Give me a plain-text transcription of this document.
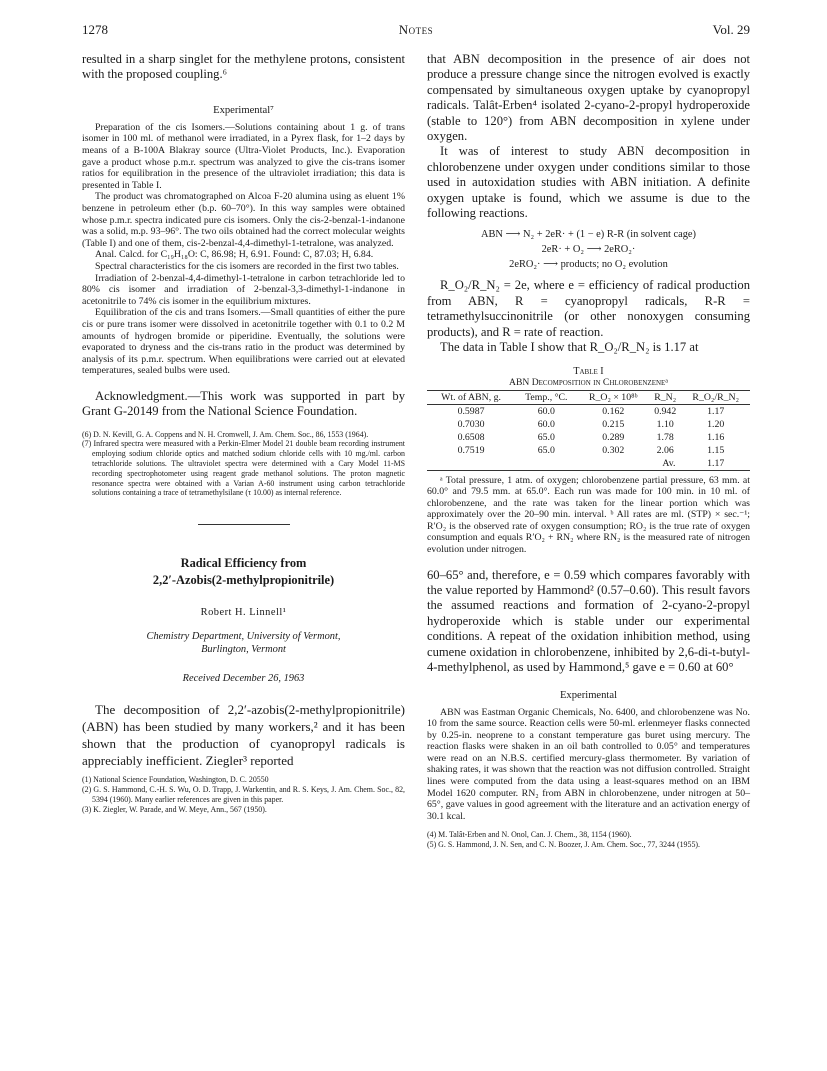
1278	Notes	Vol. 29

resulted in a sharp singlet for the methylene protons, consistent with the proposed coupling.⁶

Experimental⁷

Preparation of the cis Isomers.—Solutions containing about 1 g. of trans isomer in 100 ml. of methanol were irradiated, in a Pyrex flask, for 1–2 days by means of a B-100A Blakray source (Ultra-Violet Products, Inc.). Evaporation gave a product whose p.m.r. spectrum was analyzed to give the cis-trans isomer ratios for equilibration in the presence of the ultraviolet irradiation; this data is presented in Table I.

The product was chromatographed on Alcoa F-20 alumina using as eluent 1% benzene in petroleum ether (b.p. 60–70°). In this way samples were obtained whose p.m.r. spectra indicated pure cis isomers. Only the cis-2-benzal-1-indanone was a solid, m.p. 93–96°. The two oils obtained had the correct molecular weights (Table I) and one of them, cis-2-benzal-4,4-dimethyl-1-tetralone, was analyzed.

Anal. Calcd. for C₁₉H₁₈O: C, 86.98; H, 6.91. Found: C, 87.03; H, 6.84.

Spectral characteristics for the cis isomers are recorded in the first two tables.

Irradiation of 2-benzal-4,4-dimethyl-1-tetralone in carbon tetrachloride led to 80% cis isomer and irradiation of 2-benzal-3,3-dimethyl-1-indanone in acetonitrile to 74% cis isomer in the equilibrium mixtures.

Equilibration of the cis and trans Isomers.—Small quantities of either the pure cis or pure trans isomer were dissolved in acetonitrile together with 0.1 to 0.2 M amounts of hydrogen bromide or piperidine. Eventually, the solutions were evaporated to dryness and the cis-trans ratio in the product was determined by analysis of its p.m.r. spectrum. When equilibrations were carried out at elevated temperatures, sealed bulbs were used.

Acknowledgment.—This work was supported in part by Grant G-20149 from the National Science Foundation.

(6) D. N. Kevill, G. A. Coppens and N. H. Cromwell, J. Am. Chem. Soc., 86, 1553 (1964).

(7) Infrared spectra were measured with a Perkin-Elmer Model 21 double beam recording instrument employing sodium chloride optics and matched sodium chloride cells with 10 mg./ml. carbon tetrachloride solutions. The ultraviolet spectra were determined with a Cary Model 11-MS recording spectrophotometer using reagent grade methanol solutions. The proton magnetic resonance spectra were obtained with a Varian A-60 instrument using carbon tetrachloride solutions containing a trace of tetramethylsilane (τ 10.00) as internal reference.

Radical Efficiency from
2,2′-Azobis(2-methylpropionitrile)
Robert H. Linnell¹
Chemistry Department, University of Vermont,
Burlington, Vermont
Received December 26, 1963

The decomposition of 2,2′-azobis(2-methylpropionitrile) (ABN) has been studied by many workers,² and it has been shown that the production of cyanopropyl radicals is appreciably inefficient. Ziegler³ reported

(1) National Science Foundation, Washington, D. C. 20550

(2) G. S. Hammond, C.-H. S. Wu, O. D. Trapp, J. Warkentin, and R. S. Keys, J. Am. Chem. Soc., 82, 5394 (1960). Many earlier references are given in this paper.

(3) K. Ziegler, W. Parade, and W. Meye, Ann., 567 (1950).

that ABN decomposition in the presence of air does not produce a pressure change since the nitrogen evolved is exactly compensated by simultaneous oxygen uptake by cyanopropyl radicals. Talât-Erben⁴ isolated 2-cyano-2-propyl hydroperoxide (stable to 120°) from ABN decomposition in xylene under oxygen.

It was of interest to study ABN decomposition in chlorobenzene under oxygen under conditions similar to those used in autoxidation studies with ABN initiation. A definite oxygen uptake is found, which we assume is due to the following reactions.

ABN ⟶ N₂ + 2eR· + (1 − e) R-R (in solvent cage)
2eR· + O₂ ⟶ 2eRO₂·
2eRO₂· ⟶ products; no O₂ evolution

R_O₂/R_N₂ = 2e, where e = efficiency of radical production from ABN, R = cyanopropyl radicals, R-R = tetramethylsuccinonitrile (or other nonoxygen consuming products), and R = rate of reaction.

The data in Table I show that R_O₂/R_N₂ is 1.17 at

Table I
ABN Decomposition in Chlorobenzeneᵃ
Wt. of ABN, g.	Temp., °C.	R_O₂ × 10⁸ᵇ	R_N₂	R_O₂/R_N₂
0.5987	60.0	0.162	0.942	1.17
0.7030	60.0	0.215	1.10	1.20
0.6508	65.0	0.289	1.78	1.16
0.7519	65.0	0.302	2.06	1.15
			Av.	1.17

ᵃ Total pressure, 1 atm. of oxygen; chlorobenzene partial pressure, 63 mm. at 60.0° and 79.5 mm. at 65.0°. Each run was made for 100 min. in 10 ml. of chlorobenzene, and the rate was taken for the linear portion which was approximately over the 20–90 min. interval. ᵇ All rates are ml. (STP) × sec.⁻¹; R′O₂ is the observed rate of oxygen consumption; RO₂ is the true rate of oxygen consumption and equals R′O₂ + RN₂ where RN₂ is the measured rate of nitrogen evolution under nitrogen.

60–65° and, therefore, e = 0.59 which compares favorably with the value reported by Hammond² (0.57–0.60). This result favors the assumed reactions and formation of 2-cyano-2-propyl hydroperoxide which is stable under our experimental conditions. A repeat of the oxidation inhibition method, using cumene oxidation in chlorobenzene, inhibited by 2,6-di-t-butyl-4-methylphenol, as used by Hammond,⁵ gave e = 0.60 at 60°

Experimental

ABN was Eastman Organic Chemicals, No. 6400, and chlorobenzene was No. 10 from the same source. Reaction cells were 50-ml. erlenmeyer flasks connected by 0.25-in. neoprene to a constant temperature gas buret using mercury. The reaction flasks were shaken in an oil bath controlled to 0.05° and temperatures were read on an N.B.S. certified mercury-glass thermometer. By variation of shaking rates, it was shown that the reaction was not diffusion controlled. Straight lines were computed from the data using a least-squares method on an IBM Model 1620 computer. RN₂ from ABN in chlorobenzene, under nitrogen at 50–65°, gave values in good agreement with the literature and an activation energy of 30.1 kcal.

(4) M. Talât-Erben and N. Onol, Can. J. Chem., 38, 1154 (1960).

(5) G. S. Hammond, J. N. Sen, and C. N. Boozer, J. Am. Chem. Soc., 77, 3244 (1955).
